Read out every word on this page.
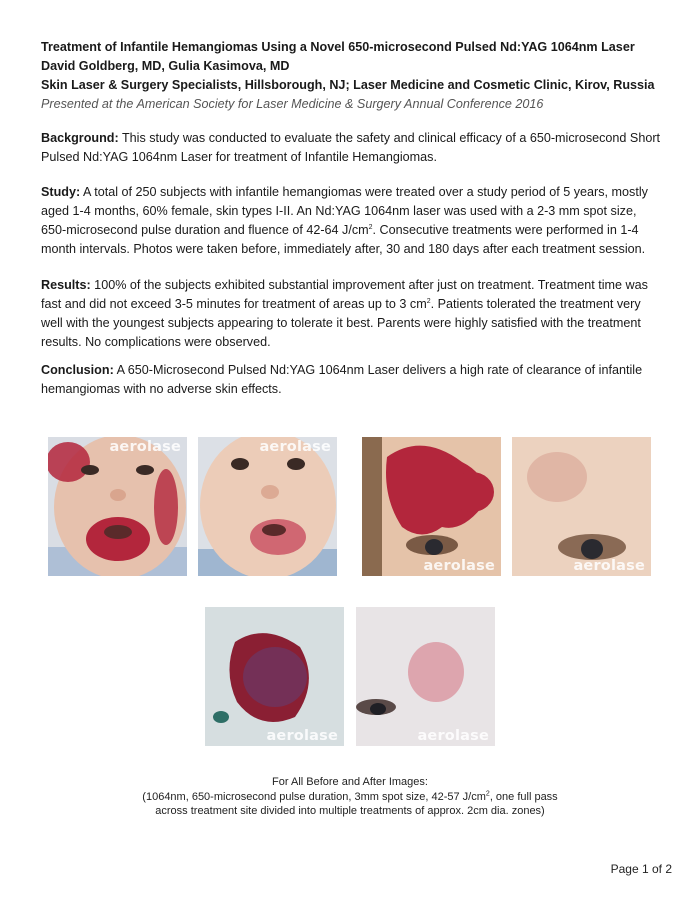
Treatment of Infantile Hemangiomas Using a Novel 650-microsecond Pulsed Nd:YAG 1064nm Laser
David Goldberg, MD, Gulia Kasimova, MD
Skin Laser & Surgery Specialists, Hillsborough, NJ; Laser Medicine and Cosmetic Clinic, Kirov, Russia
Presented at the American Society for Laser Medicine & Surgery Annual Conference 2016
Background: This study was conducted to evaluate the safety and clinical efficacy of a 650-microsecond Short Pulsed Nd:YAG 1064nm Laser for treatment of Infantile Hemangiomas.
Study: A total of 250 subjects with infantile hemangiomas were treated over a study period of 5 years, mostly aged 1-4 months, 60% female, skin types I-II. An Nd:YAG 1064nm laser was used with a 2-3 mm spot size, 650-microsecond pulse duration and fluence of 42-64 $J/cm^2$. Consecutive treatments were performed in 1-4 month intervals. Photos were taken before, immediately after, 30 and 180 days after each treatment session.
Results: 100% of the subjects exhibited substantial improvement after just on treatment. Treatment time was fast and did not exceed 3-5 minutes for treatment of areas up to 3 $cm^2$. Patients tolerated the treatment very well with the youngest subjects appearing to tolerate it best. Parents were highly satisfied with the treatment results. No complications were observed.
Conclusion: A 650-Microsecond Pulsed Nd:YAG 1064nm Laser delivers a high rate of clearance of infantile hemangiomas with no adverse skin effects.
aerolase	aerolase
aerolase	aerolase
aerolase	aerolase
For All Before and After Images:
(1064nm, 650-microsecond pulse duration, 3mm spot size, 42-57 $J/cm^2$, one full pass
across treatment site divided into multiple treatments of approx. 2cm dia. zones)
Page 1 of 2
